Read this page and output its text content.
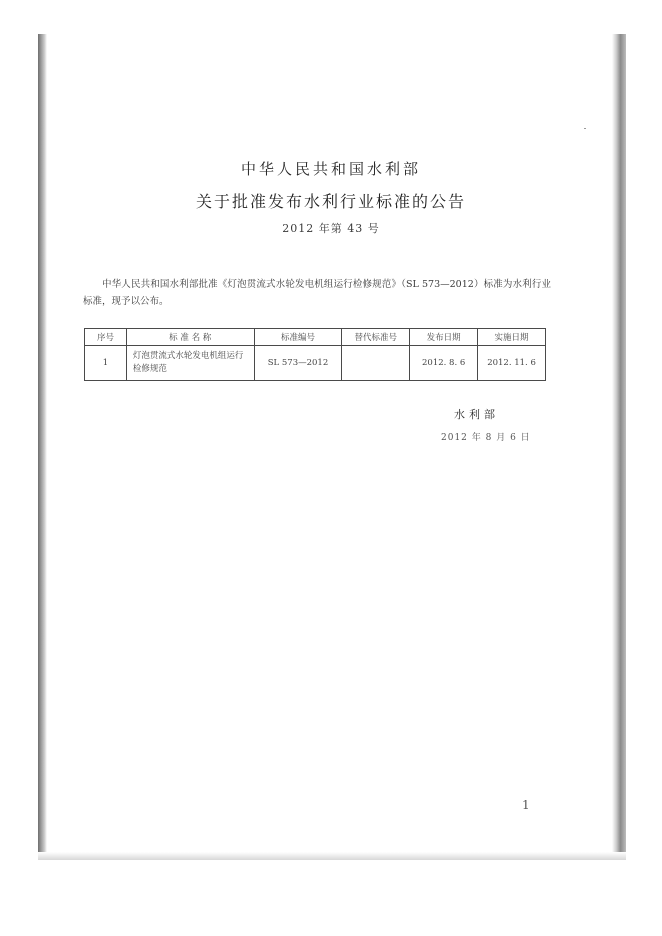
中华人民共和国水利部
关于批准发布水利行业标准的公告
2012 年第 43 号

中华人民共和国水利部批准《灯泡贯流式水轮发电机组运行检修规范》（SL 573—2012）标准为水利行业标准，现予以公布。

序号	标 准 名 称	标准编号	替代标准号	发布日期	实施日期
1	灯泡贯流式水轮发电机组运行检修规范	SL 573—2012		2012. 8. 6	2012. 11. 6
水利部
2012 年 8 月 6 日
1
